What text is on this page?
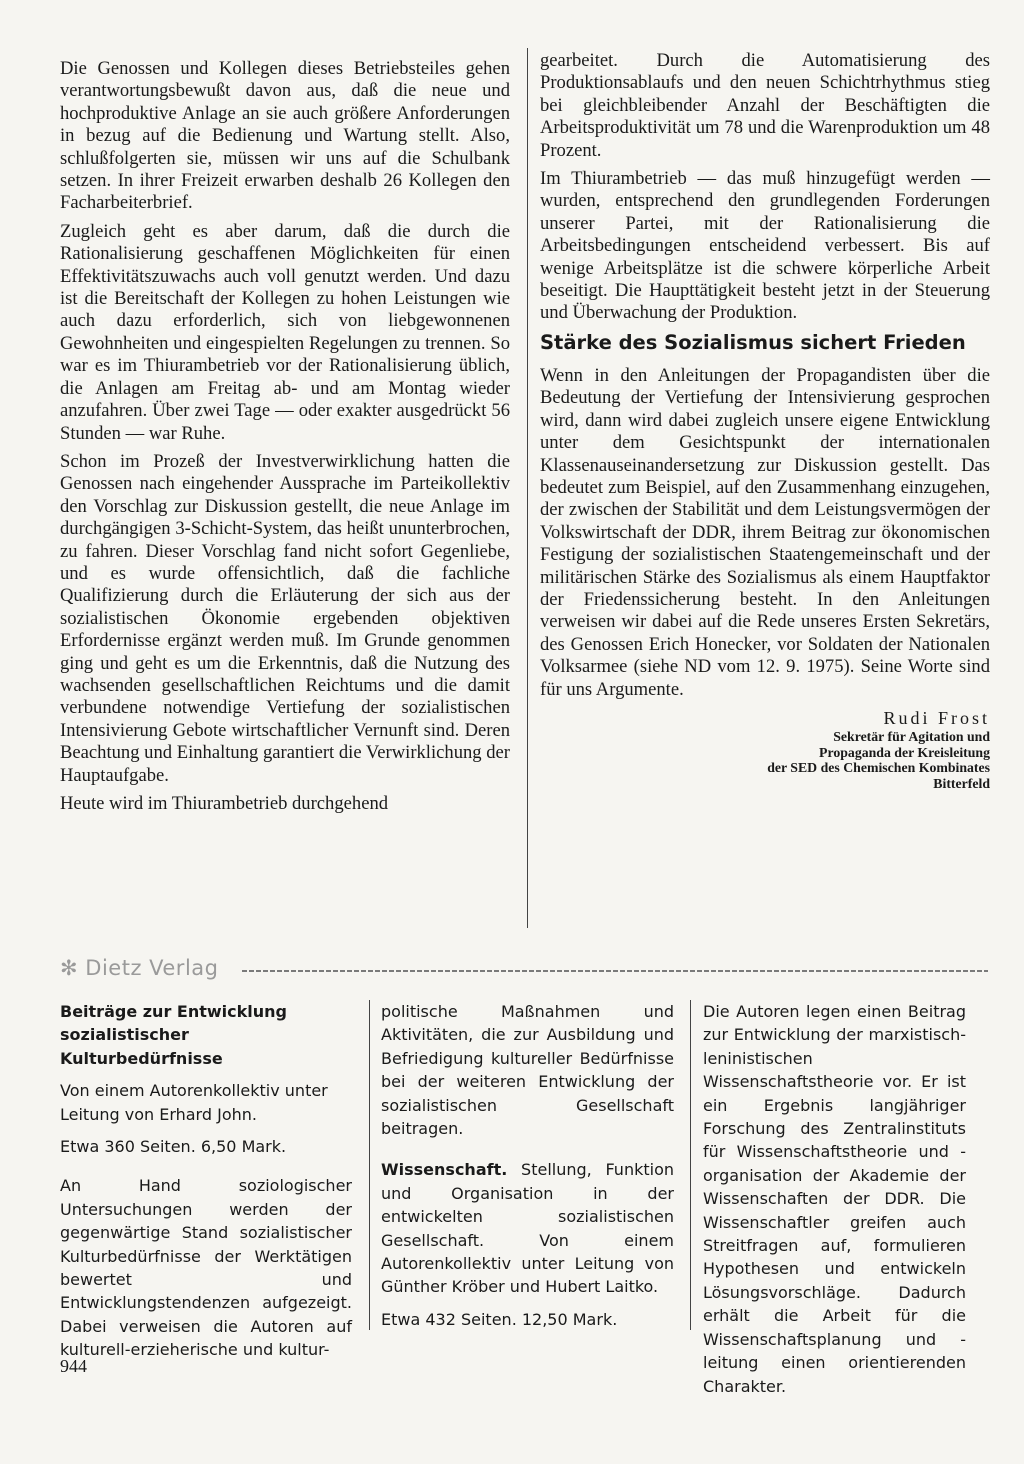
Die Genossen und Kollegen dieses Betriebsteiles gehen verantwortungsbewußt davon aus, daß die neue und hochproduktive Anlage an sie auch größere Anforderungen in bezug auf die Bedienung und Wartung stellt. Also, schlußfolgerten sie, müssen wir uns auf die Schulbank setzen. In ihrer Freizeit erwarben deshalb 26 Kollegen den Facharbeiterbrief.

Zugleich geht es aber darum, daß die durch die Rationalisierung geschaffenen Möglichkeiten für einen Effektivitätszuwachs auch voll genutzt werden. Und dazu ist die Bereitschaft der Kollegen zu hohen Leistungen wie auch dazu erforderlich, sich von liebgewonnenen Gewohnheiten und eingespielten Regelungen zu trennen. So war es im Thiurambetrieb vor der Rationalisierung üblich, die Anlagen am Freitag ab- und am Montag wieder anzufahren. Über zwei Tage — oder exakter ausgedrückt 56 Stunden — war Ruhe.

Schon im Prozeß der Investverwirklichung hatten die Genossen nach eingehender Aussprache im Parteikollektiv den Vorschlag zur Diskussion gestellt, die neue Anlage im durchgängigen 3-Schicht-System, das heißt ununterbrochen, zu fahren. Dieser Vorschlag fand nicht sofort Gegenliebe, und es wurde offensichtlich, daß die fachliche Qualifizierung durch die Erläuterung der sich aus der sozialistischen Ökonomie ergebenden objektiven Erfordernisse ergänzt werden muß. Im Grunde genommen ging und geht es um die Erkenntnis, daß die Nutzung des wachsenden gesellschaftlichen Reichtums und die damit verbundene notwendige Vertiefung der sozialistischen Intensivierung Gebote wirtschaftlicher Vernunft sind. Deren Beachtung und Einhaltung garantiert die Verwirklichung der Hauptaufgabe.

Heute wird im Thiurambetrieb durchgehend

gearbeitet. Durch die Automatisierung des Produktionsablaufs und den neuen Schichtrhythmus stieg bei gleichbleibender Anzahl der Beschäftigten die Arbeitsproduktivität um 78 und die Warenproduktion um 48 Prozent.

Im Thiurambetrieb — das muß hinzugefügt werden — wurden, entsprechend den grundlegenden Forderungen unserer Partei, mit der Rationalisierung die Arbeitsbedingungen entscheidend verbessert. Bis auf wenige Arbeitsplätze ist die schwere körperliche Arbeit beseitigt. Die Haupttätigkeit besteht jetzt in der Steuerung und Überwachung der Produktion.

Stärke des Sozialismus sichert Frieden

Wenn in den Anleitungen der Propagandisten über die Bedeutung der Vertiefung der Intensivierung gesprochen wird, dann wird dabei zugleich unsere eigene Entwicklung unter dem Gesichtspunkt der internationalen Klassenauseinandersetzung zur Diskussion gestellt. Das bedeutet zum Beispiel, auf den Zusammenhang einzugehen, der zwischen der Stabilität und dem Leistungsvermögen der Volkswirtschaft der DDR, ihrem Beitrag zur ökonomischen Festigung der sozialistischen Staatengemeinschaft und der militärischen Stärke des Sozialismus als einem Hauptfaktor der Friedenssicherung besteht. In den Anleitungen verweisen wir dabei auf die Rede unseres Ersten Sekretärs, des Genossen Erich Honecker, vor Soldaten der Nationalen Volksarmee (siehe ND vom 12. 9. 1975). Seine Worte sind für uns Argumente.

Rudi Frost
Sekretär für Agitation und
Propaganda der Kreisleitung
der SED des Chemischen Kombinates
Bitterfeld
✻ Dietz Verlag

Beiträge zur Entwicklung sozialistischer Kulturbedürfnisse

Von einem Autorenkollektiv unter Leitung von Erhard John.

Etwa 360 Seiten. 6,50 Mark.

An Hand soziologischer Untersuchungen werden der gegenwärtige Stand sozialistischer Kulturbedürfnisse der Werktätigen bewertet und Entwicklungstendenzen aufgezeigt. Dabei verweisen die Autoren auf kulturell-erzieherische und kultur-

politische Maßnahmen und Aktivitäten, die zur Ausbildung und Befriedigung kultureller Bedürfnisse bei der weiteren Entwicklung der sozialistischen Gesellschaft beitragen.

Wissenschaft. Stellung, Funktion und Organisation in der entwickelten sozialistischen Gesellschaft. Von einem Autorenkollektiv unter Leitung von Günther Kröber und Hubert Laitko.

Etwa 432 Seiten. 12,50 Mark.

Die Autoren legen einen Beitrag zur Entwicklung der marxistisch-leninistischen Wissenschaftstheorie vor. Er ist ein Ergebnis langjähriger Forschung des Zentralinstituts für Wissenschaftstheorie und -organisation der Akademie der Wissenschaften der DDR. Die Wissenschaftler greifen auch Streitfragen auf, formulieren Hypothesen und entwickeln Lösungsvorschläge. Dadurch erhält die Arbeit für die Wissenschaftsplanung und -leitung einen orientierenden Charakter.

944
